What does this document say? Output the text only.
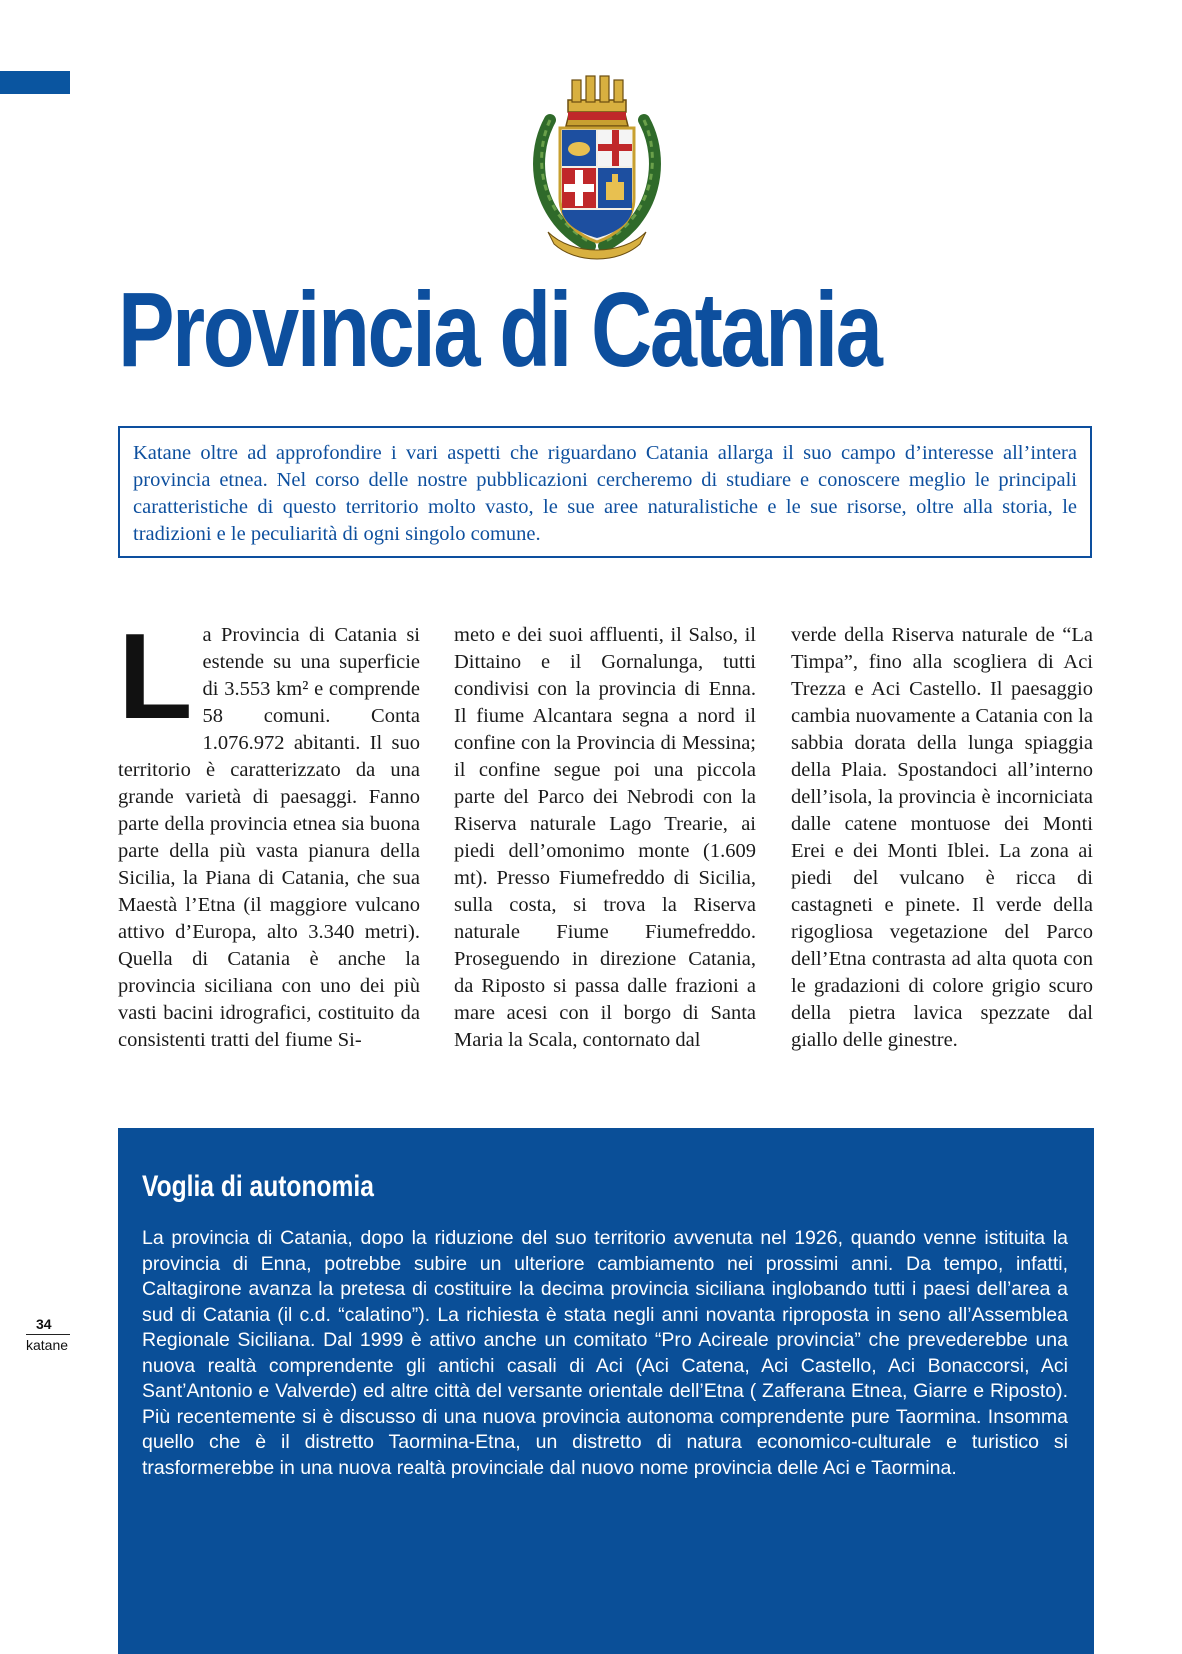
Provincia di Catania
Katane oltre ad approfondire i vari aspetti che riguardano Catania allarga il suo campo d’interesse all’intera provincia etnea. Nel corso delle nostre pubblicazioni cercheremo di studiare e conoscere meglio le principali caratteristiche di questo territorio molto vasto, le sue aree naturalistiche e le sue risorse, oltre alla storia, le tradizioni e le peculiarità di ogni singolo comune.
La Provincia di Catania si estende su una superficie di 3.553 km² e comprende 58 comuni. Conta 1.076.972 abitanti. Il suo territorio è caratterizzato da una grande varietà di paesaggi. Fanno parte della provincia etnea sia buona parte della più vasta pianura della Sicilia, la Piana di Catania, che sua Maestà l’Etna (il maggiore vulcano attivo d’Europa, alto 3.340 metri). Quella di Catania è anche la provincia siciliana con uno dei più vasti bacini idrografici, costituito da consistenti tratti del fiume Si-
meto e dei suoi affluenti, il Salso, il Dittaino e il Gornalunga, tutti condivisi con la provincia di Enna. Il fiume Alcantara segna a nord il confine con la Provincia di Messina; il confine segue poi una piccola parte del Parco dei Nebrodi con la Riserva naturale Lago Trearie, ai piedi dell’omonimo monte (1.609 mt). Presso Fiumefreddo di Sicilia, sulla costa, si trova la Riserva naturale Fiume Fiumefreddo. Proseguendo in direzione Catania, da Riposto si passa dalle frazioni a mare acesi con il borgo di Santa Maria la Scala, contornato dal
verde della Riserva naturale de “La Timpa”, fino alla scogliera di Aci Trezza e Aci Castello. Il paesaggio cambia nuovamente a Catania con la sabbia dorata della lunga spiaggia della Plaia. Spostandoci all’interno dell’isola, la provincia è incorniciata dalle catene montuose dei Monti Erei e dei Monti Iblei. La zona ai piedi del vulcano è ricca di castagneti e pinete. Il verde della rigogliosa vegetazione del Parco dell’Etna contrasta ad alta quota con le gradazioni di colore grigio scuro della pietra lavica spezzate dal giallo delle ginestre.
Voglia di autonomia
La provincia di Catania, dopo la riduzione del suo territorio avvenuta nel 1926, quando venne istituita la provincia di Enna, potrebbe subire un ulteriore cambiamento nei prossimi anni. Da tempo, infatti, Caltagirone avanza la pretesa di costituire la decima provincia siciliana inglobando tutti i paesi dell’area a sud di Catania (il c.d. “calatino”). La richiesta è stata negli anni novanta riproposta in seno all’Assemblea Regionale Siciliana. Dal 1999 è attivo anche un comitato “Pro Acireale provincia” che prevederebbe una nuova realtà comprendente gli antichi casali di Aci (Aci Catena, Aci Castello, Aci Bonaccorsi, Aci Sant’Antonio e Valverde) ed altre città del versante orientale dell’Etna ( Zafferana Etnea, Giarre e Riposto). Più recentemente si è discusso di una nuova provincia autonoma comprendente pure Taormina. Insomma quello che è il distretto Taormina-Etna, un distretto di natura economico-culturale e turistico si trasformerebbe in una nuova realtà provinciale dal nuovo nome provincia delle Aci e Taormina.
34
katane
